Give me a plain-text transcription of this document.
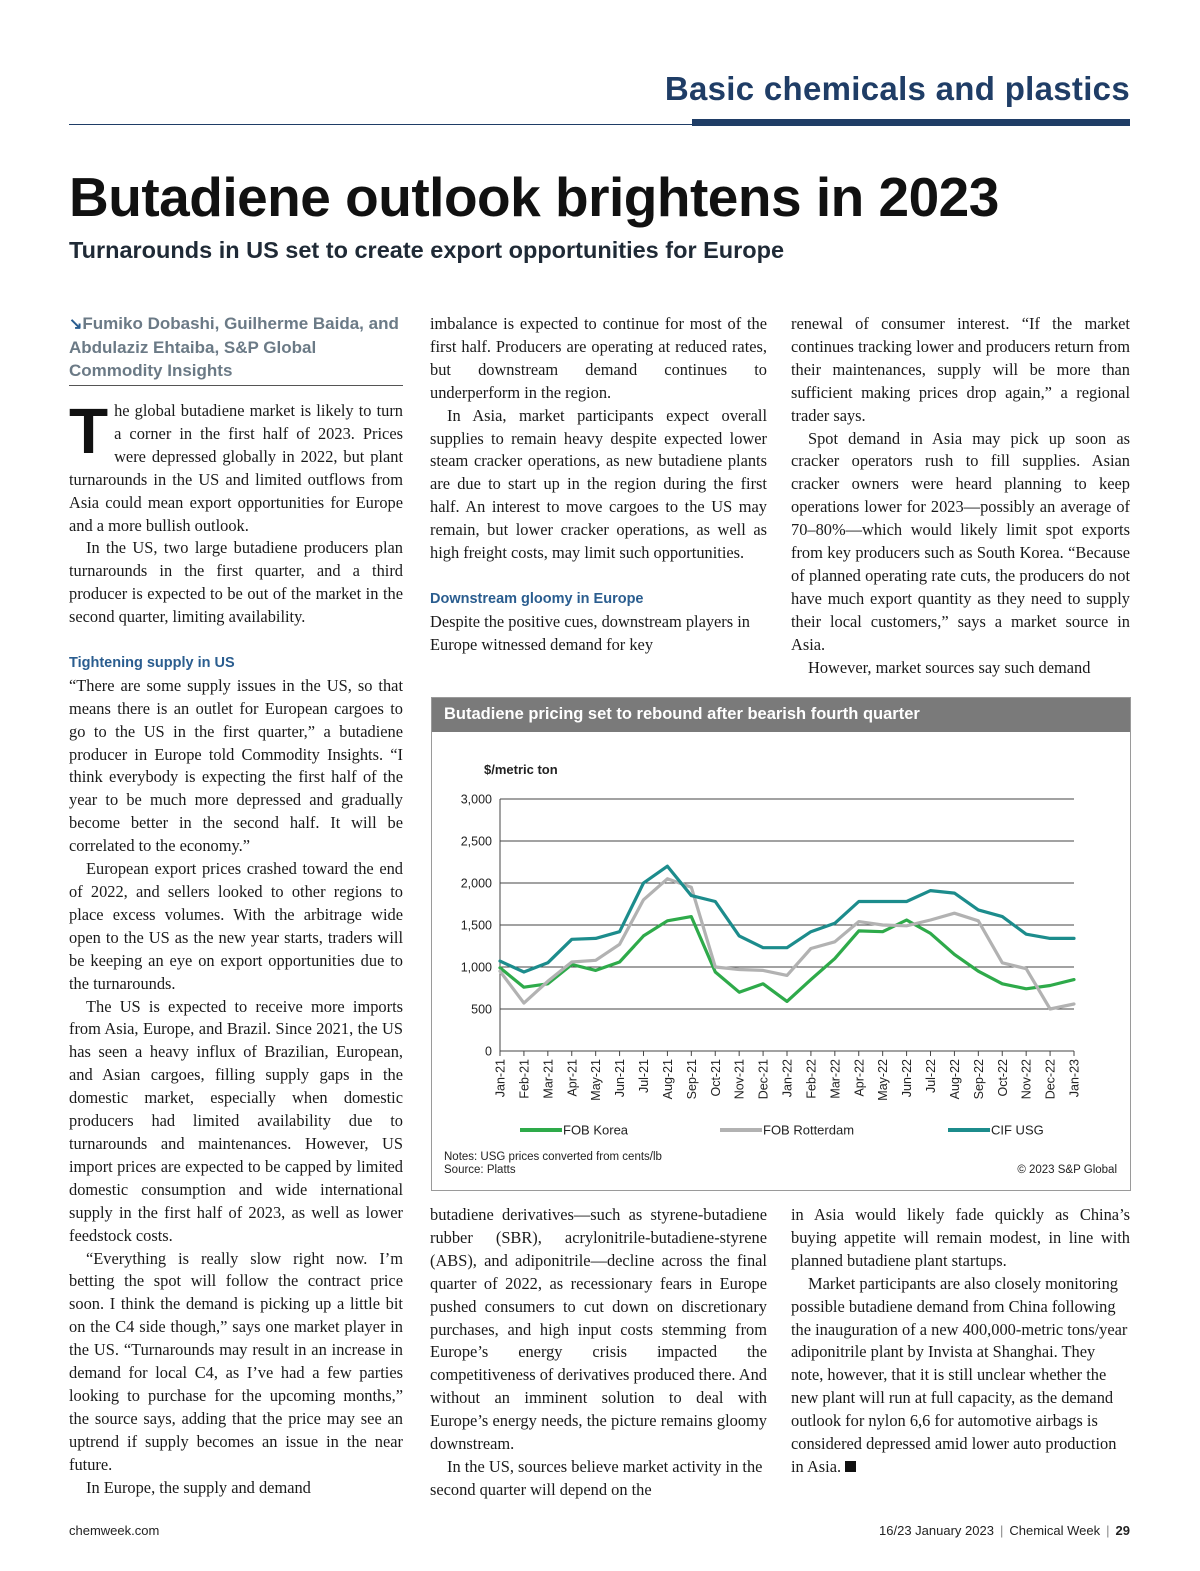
Basic chemicals and plastics
Butadiene outlook brightens in 2023
Turnarounds in US set to create export opportunities for Europe
↘Fumiko Dobashi, Guilherme Baida, and Abdulaziz Ehtaiba, S&P Global Commodity Insights

The global butadiene market is likely to turn a corner in the first half of 2023. Prices were depressed globally in 2022, but plant turnarounds in the US and limited outflows from Asia could mean export opportunities for Europe and a more bullish outlook.

In the US, two large butadiene producers plan turnarounds in the first quarter, and a third producer is expected to be out of the market in the second quarter, limiting availability.

Tightening supply in US

“There are some supply issues in the US, so that means there is an outlet for European cargoes to go to the US in the first quarter,” a butadiene producer in Europe told Commodity Insights. “I think everybody is expecting the first half of the year to be much more depressed and gradually become better in the second half. It will be correlated to the economy.”

European export prices crashed toward the end of 2022, and sellers looked to other regions to place excess volumes. With the arbitrage wide open to the US as the new year starts, traders will be keeping an eye on export opportunities due to the turnarounds.

The US is expected to receive more imports from Asia, Europe, and Brazil. Since 2021, the US has seen a heavy influx of Brazilian, European, and Asian cargoes, filling supply gaps in the domestic market, especially when domestic producers had limited availability due to turnarounds and maintenances. However, US import prices are expected to be capped by limited domestic consumption and wide international supply in the first half of 2023, as well as lower feedstock costs.

“Everything is really slow right now. I’m betting the spot will follow the contract price soon. I think the demand is picking up a little bit on the C4 side though,” says one market player in the US. “Turnarounds may result in an increase in demand for local C4, as I’ve had a few parties looking to purchase for the upcoming months,” the source says, adding that the price may see an uptrend if supply becomes an issue in the near future.

In Europe, the supply and demand

imbalance is expected to continue for most of the first half. Producers are operating at reduced rates, but downstream demand continues to underperform in the region.

In Asia, market participants expect overall supplies to remain heavy despite expected lower steam cracker operations, as new butadiene plants are due to start up in the region during the first half. An interest to move cargoes to the US may remain, but lower cracker operations, as well as high freight costs, may limit such opportunities.

Downstream gloomy in Europe

Despite the positive cues, downstream players in Europe witnessed demand for key

renewal of consumer interest. “If the market continues tracking lower and producers return from their maintenances, supply will be more than sufficient making prices drop again,” a regional trader says.

Spot demand in Asia may pick up soon as cracker operators rush to fill supplies. Asian cracker owners were heard planning to keep operations lower for 2023—possibly an average of 70–80%—which would likely limit spot exports from key producers such as South Korea. “Because of planned operating rate cuts, the producers do not have much export quantity as they need to supply their local customers,” says a market source in Asia.

However, market sources say such demand

Butadiene pricing set to rebound after bearish fourth quarter
$/metric ton
0
500
1,000
1,500
2,000
2,500
3,000
Jan-21 Feb-21 Mar-21 Apr-21 May-21 Jun-21 Jul-21 Aug-21 Sep-21 Oct-21 Nov-21 Dec-21 Jan-22 Feb-22 Mar-22 Apr-22 May-22 Jun-22 Jul-22 Aug-22 Sep-22 Oct-22 Nov-22 Dec-22 Jan-23
FOB Korea	FOB Rotterdam	CIF USG
Notes: USG prices converted from cents/lb
Source: Platts	© 2023 S&P Global

butadiene derivatives—such as styrene-butadiene rubber (SBR), acrylonitrile-butadiene-styrene (ABS), and adiponitrile—decline across the final quarter of 2022, as recessionary fears in Europe pushed consumers to cut down on discretionary purchases, and high input costs stemming from Europe’s energy crisis impacted the competitiveness of derivatives produced there. And without an imminent solution to deal with Europe’s energy needs, the picture remains gloomy downstream.

In the US, sources believe market activity in the second quarter will depend on the

in Asia would likely fade quickly as China’s buying appetite will remain modest, in line with planned butadiene plant startups.

Market participants are also closely monitoring possible butadiene demand from China following the inauguration of a new 400,000-metric tons/year adiponitrile plant by Invista at Shanghai. They note, however, that it is still unclear whether the new plant will run at full capacity, as the demand outlook for nylon 6,6 for automotive airbags is considered depressed amid lower auto production in Asia.

chemweek.com	16/23 January 2023 | Chemical Week | 29
